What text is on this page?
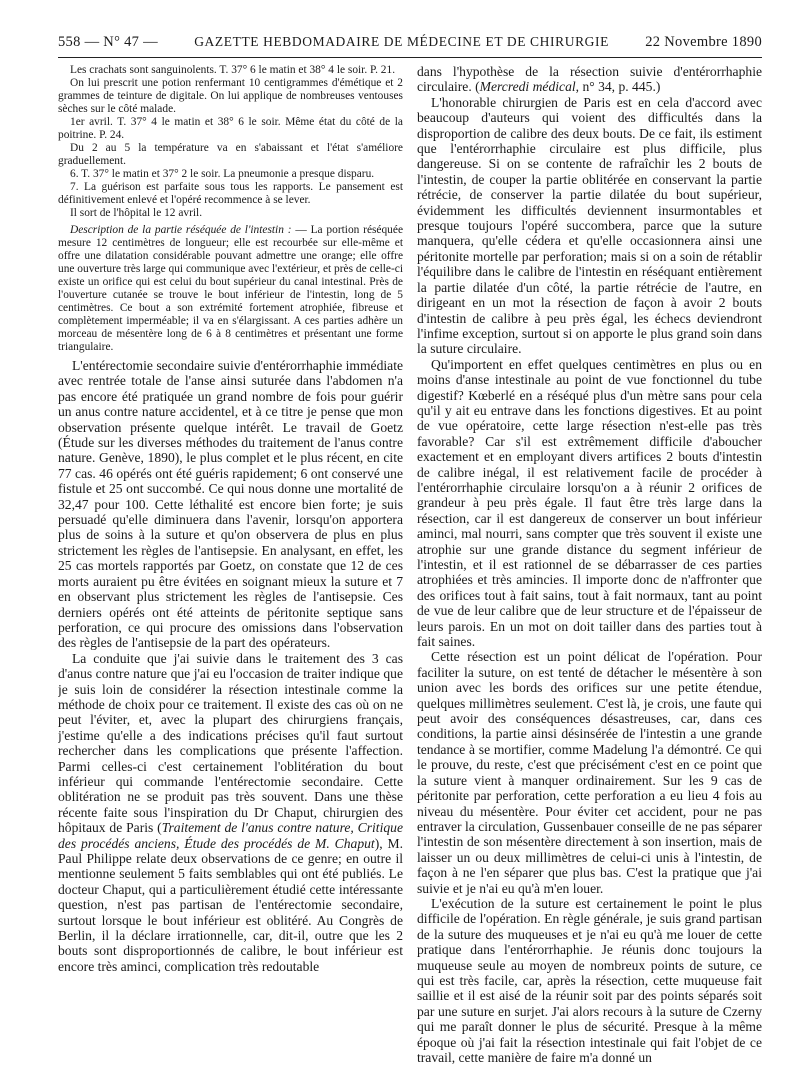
558 — N° 47 —	GAZETTE HEBDOMADAIRE DE MÉDECINE ET DE CHIRURGIE	22 Novembre 1890

Les crachats sont sanguinolents. T. 37° 6 le matin et 38° 4 le soir. P. 21.

On lui prescrit une potion renfermant 10 centigrammes d'émétique et 2 grammes de teinture de digitale. On lui applique de nombreuses ventouses sèches sur le côté malade.

1er avril. T. 37° 4 le matin et 38° 6 le soir. Même état du côté de la poitrine. P. 24.

Du 2 au 5 la température va en s'abaissant et l'état s'améliore graduellement.

6. T. 37° le matin et 37° 2 le soir. La pneumonie a presque disparu.

7. La guérison est parfaite sous tous les rapports. Le pansement est définitivement enlevé et l'opéré recommence à se lever.

Il sort de l'hôpital le 12 avril.

Description de la partie réséquée de l'intestin : — La portion réséquée mesure 12 centimètres de longueur; elle est recourbée sur elle-même et offre une dilatation considérable pouvant admettre une orange; elle offre une ouverture très large qui communique avec l'extérieur, et près de celle-ci existe un orifice qui est celui du bout supérieur du canal intestinal. Près de l'ouverture cutanée se trouve le bout inférieur de l'intestin, long de 5 centimètres. Ce bout a son extrémité fortement atrophiée, fibreuse et complètement imperméable; il va en s'élargissant. A ces parties adhère un morceau de mésentère long de 6 à 8 centimètres et présentant une forme triangulaire.

L'entérectomie secondaire suivie d'entérorrhaphie immédiate avec rentrée totale de l'anse ainsi suturée dans l'abdomen n'a pas encore été pratiquée un grand nombre de fois pour guérir un anus contre nature accidentel, et à ce titre je pense que mon observation présente quelque intérêt. Le travail de Goetz (Étude sur les diverses méthodes du traitement de l'anus contre nature. Genève, 1890), le plus complet et le plus récent, en cite 77 cas. 46 opérés ont été guéris rapidement; 6 ont conservé une fistule et 25 ont succombé. Ce qui nous donne une mortalité de 32,47 pour 100. Cette léthalité est encore bien forte; je suis persuadé qu'elle diminuera dans l'avenir, lorsqu'on apportera plus de soins à la suture et qu'on observera de plus en plus strictement les règles de l'antisepsie. En analysant, en effet, les 25 cas mortels rapportés par Goetz, on constate que 12 de ces morts auraient pu être évitées en soignant mieux la suture et 7 en observant plus strictement les règles de l'antisepsie. Ces derniers opérés ont été atteints de péritonite septique sans perforation, ce qui procure des omissions dans l'observation des règles de l'antisepsie de la part des opérateurs.

La conduite que j'ai suivie dans le traitement des 3 cas d'anus contre nature que j'ai eu l'occasion de traiter indique que je suis loin de considérer la résection intestinale comme la méthode de choix pour ce traitement. Il existe des cas où on ne peut l'éviter, et, avec la plupart des chirurgiens français, j'estime qu'elle a des indications précises qu'il faut surtout rechercher dans les complications que présente l'affection. Parmi celles-ci c'est certainement l'oblitération du bout inférieur qui commande l'entérectomie secondaire. Cette oblitération ne se produit pas très souvent. Dans une thèse récente faite sous l'inspiration du Dr Chaput, chirurgien des hôpitaux de Paris (Traitement de l'anus contre nature, Critique des procédés anciens, Étude des procédés de M. Chaput), M. Paul Philippe relate deux observations de ce genre; en outre il mentionne seulement 5 faits semblables qui ont été publiés. Le docteur Chaput, qui a particulièrement étudié cette intéressante question, n'est pas partisan de l'entérectomie secondaire, surtout lorsque le bout inférieur est oblitéré. Au Congrès de Berlin, il la déclare irrationnelle, car, dit-il, outre que les 2 bouts sont disproportionnés de calibre, le bout inférieur est encore très aminci, complication très redoutable

dans l'hypothèse de la résection suivie d'entérorrhaphie circulaire. (Mercredi médical, n° 34, p. 445.)

L'honorable chirurgien de Paris est en cela d'accord avec beaucoup d'auteurs qui voient des difficultés dans la disproportion de calibre des deux bouts. De ce fait, ils estiment que l'entérorrhaphie circulaire est plus difficile, plus dangereuse. Si on se contente de rafraîchir les 2 bouts de l'intestin, de couper la partie oblitérée en conservant la partie rétrécie, de conserver la partie dilatée du bout supérieur, évidemment les difficultés deviennent insurmontables et presque toujours l'opéré succombera, parce que la suture manquera, qu'elle cédera et qu'elle occasionnera ainsi une péritonite mortelle par perforation; mais si on a soin de rétablir l'équilibre dans le calibre de l'intestin en réséquant entièrement la partie dilatée d'un côté, la partie rétrécie de l'autre, en dirigeant en un mot la résection de façon à avoir 2 bouts d'intestin de calibre à peu près égal, les échecs deviendront l'infime exception, surtout si on apporte le plus grand soin dans la suture circulaire.

Qu'importent en effet quelques centimètres en plus ou en moins d'anse intestinale au point de vue fonctionnel du tube digestif? Kœberlé en a réséqué plus d'un mètre sans pour cela qu'il y ait eu entrave dans les fonctions digestives. Et au point de vue opératoire, cette large résection n'est-elle pas très favorable? Car s'il est extrêmement difficile d'aboucher exactement et en employant divers artifices 2 bouts d'intestin de calibre inégal, il est relativement facile de procéder à l'entérorrhaphie circulaire lorsqu'on a à réunir 2 orifices de grandeur à peu près égale. Il faut être très large dans la résection, car il est dangereux de conserver un bout inférieur aminci, mal nourri, sans compter que très souvent il existe une atrophie sur une grande distance du segment inférieur de l'intestin, et il est rationnel de se débarrasser de ces parties atrophiées et très amincies. Il importe donc de n'affronter que des orifices tout à fait sains, tout à fait normaux, tant au point de vue de leur calibre que de leur structure et de l'épaisseur de leurs parois. En un mot on doit tailler dans des parties tout à fait saines.

Cette résection est un point délicat de l'opération. Pour faciliter la suture, on est tenté de détacher le mésentère à son union avec les bords des orifices sur une petite étendue, quelques millimètres seulement. C'est là, je crois, une faute qui peut avoir des conséquences désastreuses, car, dans ces conditions, la partie ainsi désinsérée de l'intestin a une grande tendance à se mortifier, comme Madelung l'a démontré. Ce qui le prouve, du reste, c'est que précisément c'est en ce point que la suture vient à manquer ordinairement. Sur les 9 cas de péritonite par perforation, cette perforation a eu lieu 4 fois au niveau du mésentère. Pour éviter cet accident, pour ne pas entraver la circulation, Gussenbauer conseille de ne pas séparer l'intestin de son mésentère directement à son insertion, mais de laisser un ou deux millimètres de celui-ci unis à l'intestin, de façon à ne l'en séparer que plus bas. C'est la pratique que j'ai suivie et je n'ai eu qu'à m'en louer.

L'exécution de la suture est certainement le point le plus difficile de l'opération. En règle générale, je suis grand partisan de la suture des muqueuses et je n'ai eu qu'à me louer de cette pratique dans l'entérorrhaphie. Je réunis donc toujours la muqueuse seule au moyen de nombreux points de suture, ce qui est très facile, car, après la résection, cette muqueuse fait saillie et il est aisé de la réunir soit par des points séparés soit par une suture en surjet. J'ai alors recours à la suture de Czerny qui me paraît donner le plus de sécurité. Presque à la même époque où j'ai fait la résection intestinale qui fait l'objet de ce travail, cette manière de faire m'a donné un
